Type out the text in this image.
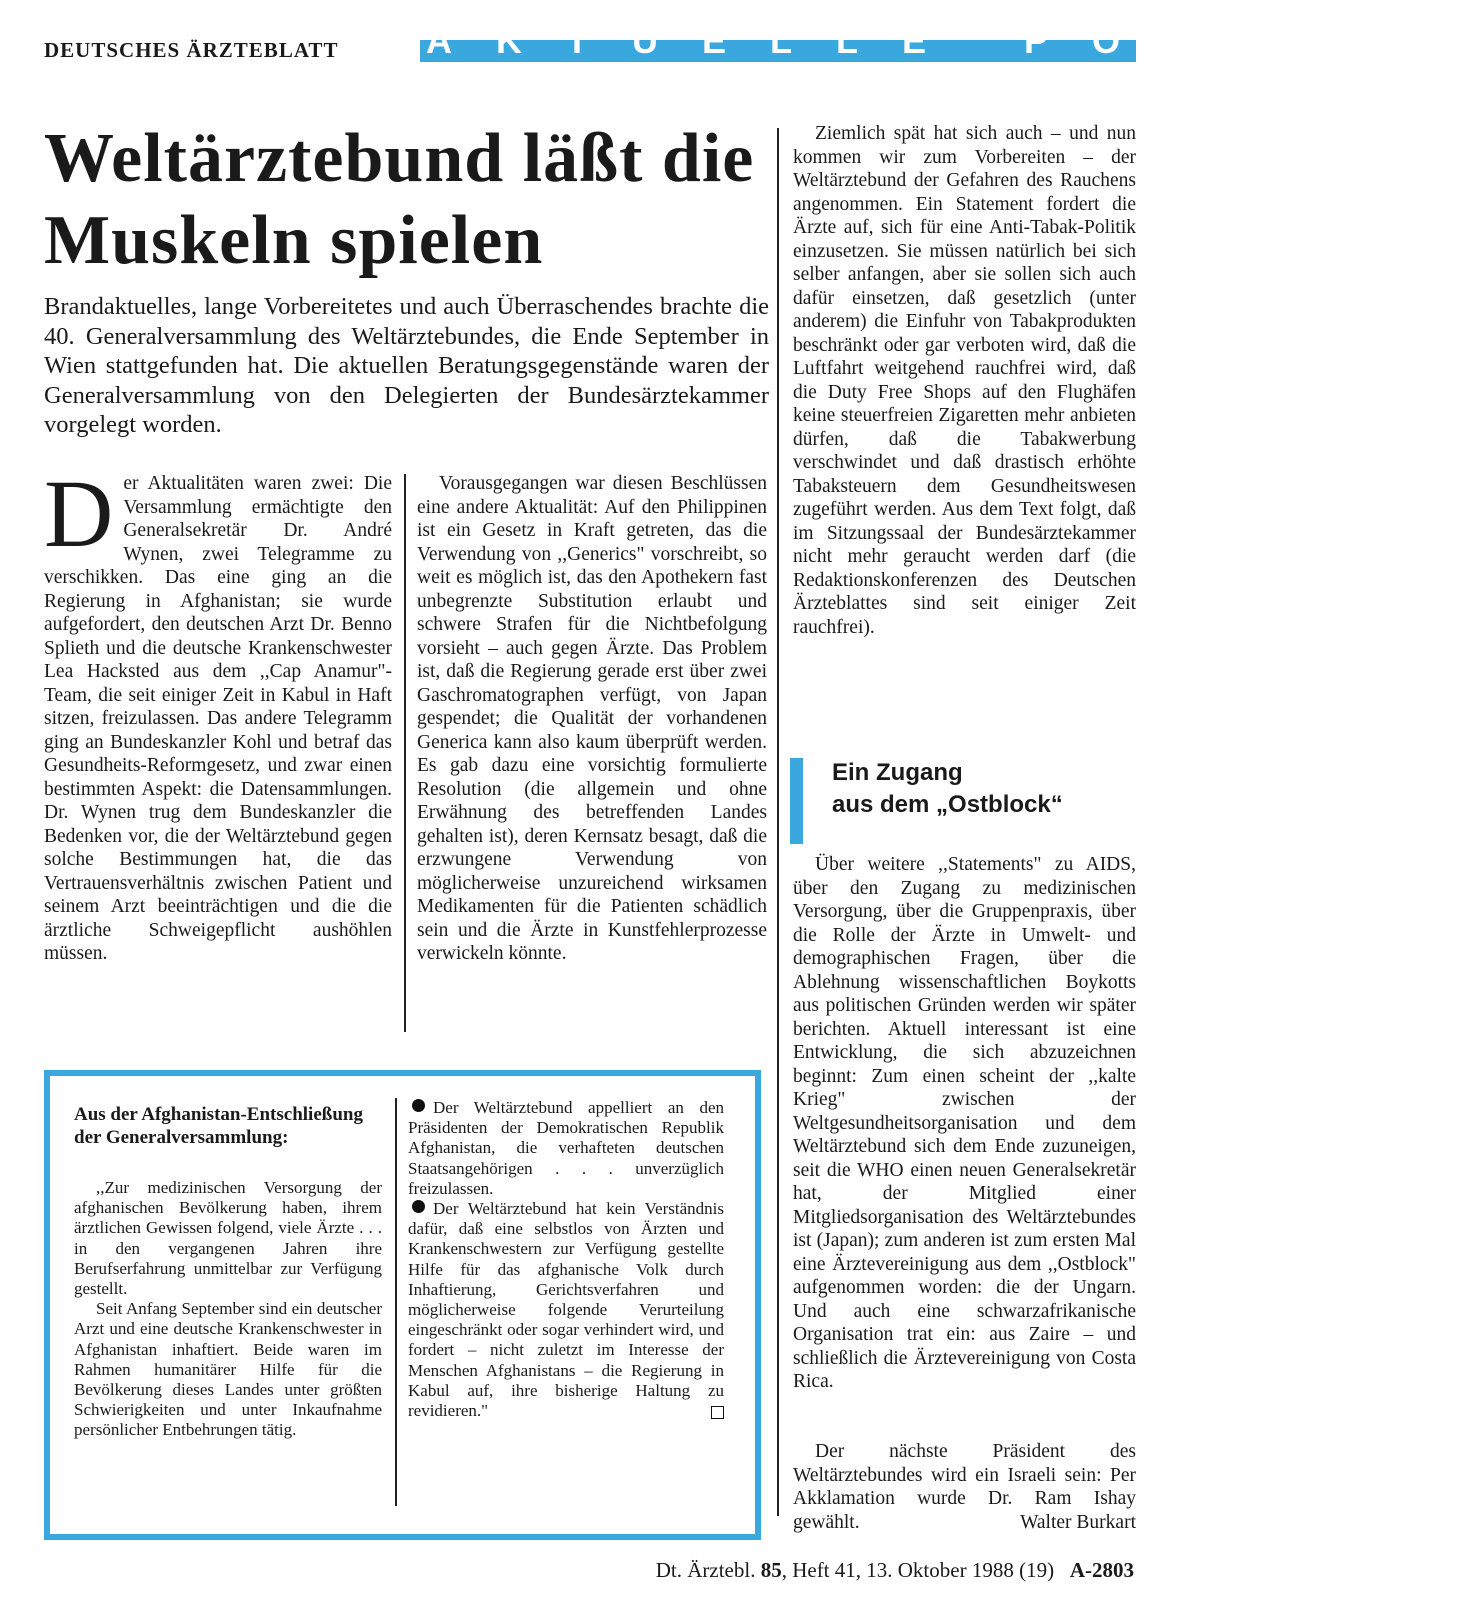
DEUTSCHES ÄRZTEBLATT AKTUELLE POLITIK
Weltärztebund läßt die Muskeln spielen

Brandaktuelles, lange Vorbereitetes und auch Überraschendes brachte die 40. Generalversammlung des Weltärztebundes, die Ende September in Wien stattgefunden hat. Die aktuellen Beratungsgegenstände waren der Generalversammlung von den Delegierten der Bundesärztekammer vorgelegt worden.

D er Aktualitäten waren zwei: Die Versammlung ermächtigte den Generalsekretär Dr. André Wynen, zwei Telegramme zu verschikken. Das eine ging an die Regierung in Afghanistan; sie wurde aufgefordert, den deutschen Arzt Dr. Benno Splieth und die deutsche Krankenschwester Lea Hacksted aus dem ,,Cap Anamur"-Team, die seit einiger Zeit in Kabul in Haft sitzen, freizulassen. Das andere Telegramm ging an Bundeskanzler Kohl und betraf das Gesundheits-Reformgesetz, und zwar einen bestimmten Aspekt: die Datensammlungen. Dr. Wynen trug dem Bundeskanzler die Bedenken vor, die der Weltärztebund gegen solche Bestimmungen hat, die das Vertrauensverhältnis zwischen Patient und seinem Arzt beeinträchtigen und die die ärztliche Schweigepflicht aushöhlen müssen.
Vorausgegangen war diesen Beschlüssen eine andere Aktualität: Auf den Philippinen ist ein Gesetz in Kraft getreten, das die Verwendung von ,,Generics" vorschreibt, so weit es möglich ist, das den Apothekern fast unbegrenzte Substitution erlaubt und schwere Strafen für die Nichtbefolgung vorsieht – auch gegen Ärzte. Das Problem ist, daß die Regierung gerade erst über zwei Gaschromatographen verfügt, von Japan gespendet; die Qualität der vorhandenen Generica kann also kaum überprüft werden. Es gab dazu eine vorsichtig formulierte Resolution (die allgemein und ohne Erwähnung des betreffenden Landes gehalten ist), deren Kernsatz besagt, daß die erzwungene Verwendung von möglicherweise unzureichend wirksamen Medikamenten für die Patienten schädlich sein und die Ärzte in Kunstfehlerprozesse verwickeln könnte.
Ziemlich spät hat sich auch – und nun kommen wir zum Vorbereiten – der Weltärztebund der Gefahren des Rauchens angenommen. Ein Statement fordert die Ärzte auf, sich für eine Anti-Tabak-Politik einzusetzen. Sie müssen natürlich bei sich selber anfangen, aber sie sollen sich auch dafür einsetzen, daß gesetzlich (unter anderem) die Einfuhr von Tabakprodukten beschränkt oder gar verboten wird, daß die Luftfahrt weitgehend rauchfrei wird, daß die Duty Free Shops auf den Flughäfen keine steuerfreien Zigaretten mehr anbieten dürfen, daß die Tabakwerbung verschwindet und daß drastisch erhöhte Tabaksteuern dem Gesundheitswesen zugeführt werden. Aus dem Text folgt, daß im Sitzungssaal der Bundesärztekammer nicht mehr geraucht werden darf (die Redaktionskonferenzen des Deutschen Ärzteblattes sind seit einiger Zeit rauchfrei).
Ein Zugang
aus dem „Ostblock“
Über weitere ,,Statements" zu AIDS, über den Zugang zu medizinischen Versorgung, über die Gruppenpraxis, über die Rolle der Ärzte in Umwelt- und demographischen Fragen, über die Ablehnung wissenschaftlichen Boykotts aus politischen Gründen werden wir später berichten. Aktuell interessant ist eine Entwicklung, die sich abzuzeichnen beginnt: Zum einen scheint der ,,kalte Krieg" zwischen der Weltgesundheitsorganisation und dem Weltärztebund sich dem Ende zuzuneigen, seit die WHO einen neuen Generalsekretär hat, der Mitglied einer Mitgliedsorganisation des Weltärztebundes ist (Japan); zum anderen ist zum ersten Mal eine Ärztevereinigung aus dem ,,Ostblock" aufgenommen worden: die der Ungarn. Und auch eine schwarzafrikanische Organisation trat ein: aus Zaire – und schließlich die Ärztevereinigung von Costa Rica.
Der nächste Präsident des Weltärztebundes wird ein Israeli sein: Per Akklamation wurde Dr. Ram Ishay gewählt.	Walter Burkart

Aus der Afghanistan-Entschließung der Generalversammlung:

,,Zur medizinischen Versorgung der afghanischen Bevölkerung haben, ihrem ärztlichen Gewissen folgend, viele Ärzte . . . in den vergangenen Jahren ihre Berufserfahrung unmittelbar zur Verfügung gestellt.

Seit Anfang September sind ein deutscher Arzt und eine deutsche Krankenschwester in Afghanistan inhaftiert. Beide waren im Rahmen humanitärer Hilfe für die Bevölkerung dieses Landes unter größten Schwierigkeiten und unter Inkaufnahme persönlicher Entbehrungen tätig.

Der Weltärztebund appelliert an den Präsidenten der Demokratischen Republik Afghanistan, die verhafteten deutschen Staatsangehörigen . . . unverzüglich freizulassen.

Der Weltärztebund hat kein Verständnis dafür, daß eine selbstlos von Ärzten und Krankenschwestern zur Verfügung gestellte Hilfe für das afghanische Volk durch Inhaftierung, Gerichtsverfahren und möglicherweise folgende Verurteilung eingeschränkt oder sogar verhindert wird, und fordert – nicht zuletzt im Interesse der Menschen Afghanistans – die Regierung in Kabul auf, ihre bisherige Haltung zu revidieren."

Dt. Ärztebl. 85, Heft 41, 13. Oktober 1988 (19) A-2803
